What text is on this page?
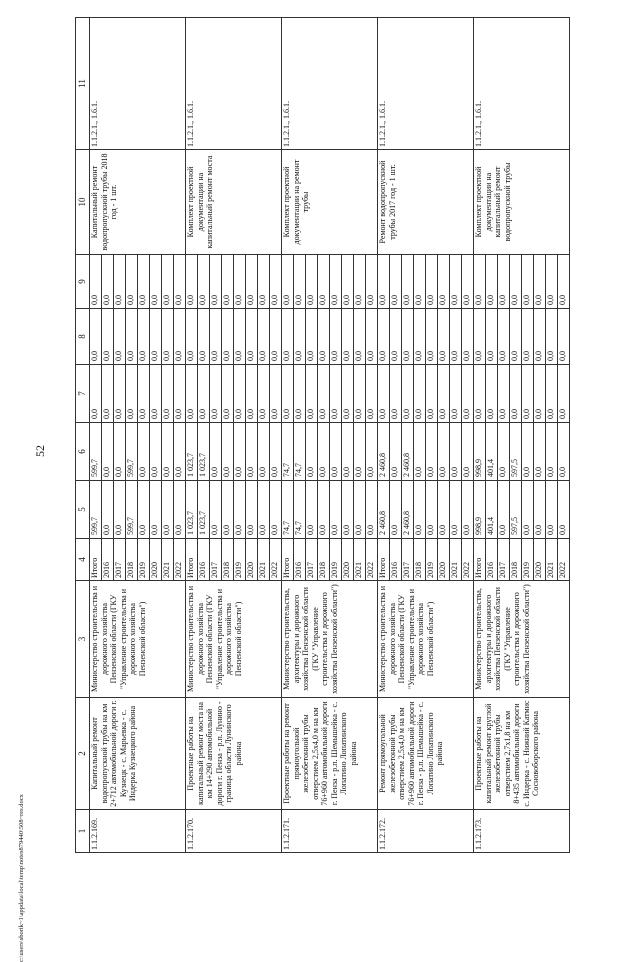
52
c:\users\sborik~1\appdata\local\temp\notes879440\508~res.docx	1	2	3	4	5	6	7	8	9	10	11
1.1.2.169.	Капитальный ремонт водопропускной трубы на км 2+712 автомобильной дороги г. Кузнецк - с. Марьевка - с. Индерка Кузнецкого района	Министерство строительства и дорожного хозяйства Пензенской области (ГКУ "Управление строительства и дорожного хозяйства Пензенской области")	Итого	599,7	599,7	0,0	0,0	0,0	Капитальный ремонт водопропускной трубы 2018 год - 1 шт.	1.1.2.1., 1.6.1.
			2016	0,0	0,0	0,0	0,0	0,0		
			2017	0,0	0,0	0,0	0,0	0,0		
			2018	599,7	599,7	0,0	0,0	0,0		
			2019	0,0	0,0	0,0	0,0	0,0		
			2020	0,0	0,0	0,0	0,0	0,0		
			2021	0,0	0,0	0,0	0,0	0,0		
			2022	0,0	0,0	0,0	0,0	0,0		
1.1.2.170.	Проектные работы на капитальный ремонт моста на км 14+290 автомобильной дороги г. Пенза - р.п. Лунино - граница области Лунинского района	Министерство строительства и дорожного хозяйства Пензенской области (ГКУ "Управление строительства и дорожного хозяйства Пензенской области")	Итого	1 023,7	1 023,7	0,0	0,0	0,0	Комплект проектной документации на капитальный ремонт моста	1.1.2.1., 1.6.1.
			2016	1 023,7	1 023,7	0,0	0,0	0,0		
			2017	0,0	0,0	0,0	0,0	0,0		
			2018	0,0	0,0	0,0	0,0	0,0		
			2019	0,0	0,0	0,0	0,0	0,0		
			2020	0,0	0,0	0,0	0,0	0,0		
			2021	0,0	0,0	0,0	0,0	0,0		
			2022	0,0	0,0	0,0	0,0	0,0		
1.1.2.171.	Проектные работы на ремонт прямоугольной железобетонной трубы отверстием 2,5х4,0 м на км 76+960 автомобильной дороги г. Пенза - р.п. Шемышейка - с. Лопатино Лопатинского района	Министерство строительства, архитектуры и дорожного хозяйства Пензенской области (ГКУ "Управление строительства и дорожного хозяйства Пензенской области")	Итого	74,7	74,7	0,0	0,0	0,0	Комплект проектной документации на ремонт трубы	1.1.2.1., 1.6.1.
			2016	74,7	74,7	0,0	0,0	0,0		
			2017	0,0	0,0	0,0	0,0	0,0		
			2018	0,0	0,0	0,0	0,0	0,0		
			2019	0,0	0,0	0,0	0,0	0,0		
			2020	0,0	0,0	0,0	0,0	0,0		
			2021	0,0	0,0	0,0	0,0	0,0		
			2022	0,0	0,0	0,0	0,0	0,0		
1.1.2.172.	Ремонт прямоугольной железобетонной трубы отверстием 2,5х4,0 м на км 76+960 автомобильной дороги г. Пенза - р.п. Шемышейка - с. Лопатино Лопатинского района	Министерство строительства и дорожного хозяйства Пензенской области (ГКУ "Управление строительства и дорожного хозяйства Пензенской области")	Итого	2 460,8	2 460,8	0,0	0,0	0,0	Ремонт водопропускной трубы 2017 год - 1 шт.	1.1.2.1., 1.6.1.
			2016	0,0	0,0	0,0	0,0	0,0		
			2017	2 460,8	2 460,8	0,0	0,0	0,0		
			2018	0,0	0,0	0,0	0,0	0,0		
			2019	0,0	0,0	0,0	0,0	0,0		
			2020	0,0	0,0	0,0	0,0	0,0		
			2021	0,0	0,0	0,0	0,0	0,0		
			2022	0,0	0,0	0,0	0,0	0,0		
1.1.2.173.	Проектные работы на капитальный ремонт круглой железобетонной трубы отверстием 2,7х1,8 на км 8+435 автомобильной дороги с. Индерка - с. Нижний Катмис Сосновоборского района	Министерство строительства, архитектуры и дорожного хозяйства Пензенской области (ГКУ "Управление строительства и дорожного хозяйства Пензенской области")	Итого	998,9	998,9	0,0	0,0	0,0	Комплект проектной документации на капитальный ремонт водопропускной трубы	1.1.2.1., 1.6.1.
			2016	401,4	401,4	0,0	0,0	0,0		
			2017	0,0	0,0	0,0	0,0	0,0		
			2018	597,5	597,5	0,0	0,0	0,0		
			2019	0,0	0,0	0,0	0,0	0,0		
			2020	0,0	0,0	0,0	0,0	0,0		
			2021	0,0	0,0	0,0	0,0	0,0		
			2022	0,0	0,0	0,0	0,0	0,0		
